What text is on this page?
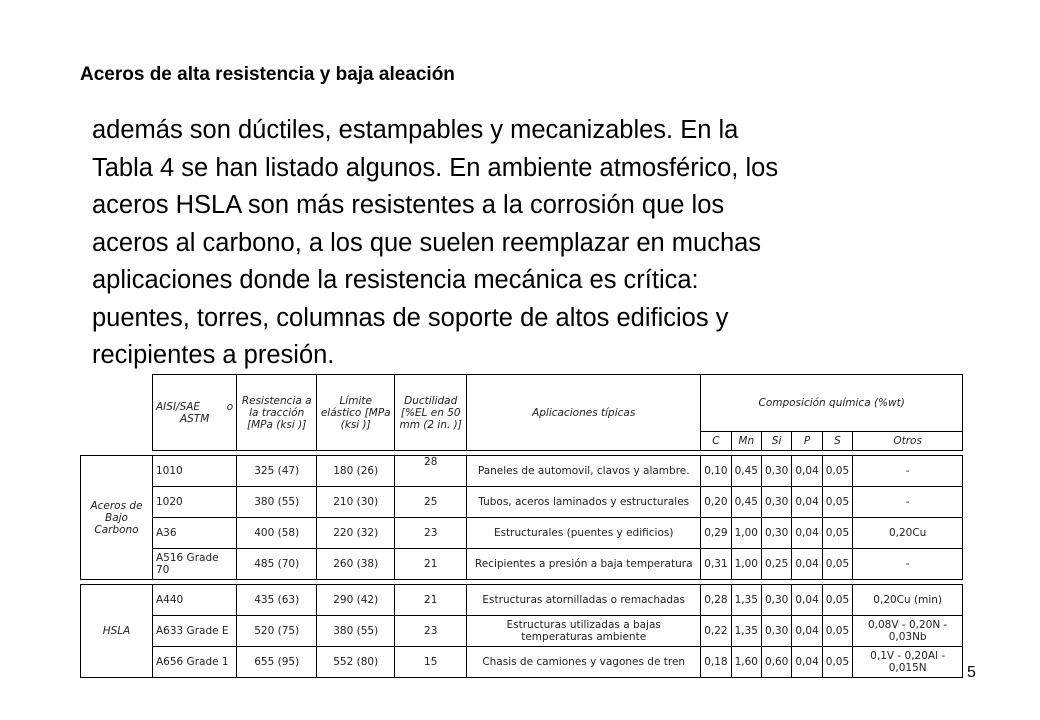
Aceros de alta resistencia y baja aleación
además son dúctiles, estampables y mecanizables. En la
Tabla 4 se han listado algunos. En ambiente atmosférico, los
aceros HSLA son más resistentes a la corrosión que los
aceros al carbono, a los que suelen reemplazar en muchas
aplicaciones donde la resistencia mecánica es crítica:
puentes, torres, columnas de soporte de altos edificios y
recipientes a presión.
	AISI/SAE o
ASTM	Resistencia a la tracción [MPa (ksi )]	Límite elástico [MPa (ksi )]	Ductilidad [%EL en 50 mm (2 in. )]	Aplicaciones típicas	Composición química (%wt)					
						C	Mn	Si	P	S	Otros

Aceros de Bajo Carbono	1010	325 (47)	180 (26)	28	Paneles de automovil, clavos y alambre.	0,10	0,45	0,30	0,04	0,05	-
	1020	380 (55)	210 (30)	25	Tubos, aceros laminados y estructurales	0,20	0,45	0,30	0,04	0,05	-
	A36	400 (58)	220 (32)	23	Estructurales (puentes y edificios)	0,29	1,00	0,30	0,04	0,05	0,20Cu
	A516 Grade 70	485 (70)	260 (38)	21	Recipientes a presión a baja temperatura	0,31	1,00	0,25	0,04	0,05	-

HSLA	A440	435 (63)	290 (42)	21	Estructuras atornilladas o remachadas	0,28	1,35	0,30	0,04	0,05	0,20Cu (min)
	A633 Grade E	520 (75)	380 (55)	23	Estructuras utilizadas a bajas temperaturas ambiente	0,22	1,35	0,30	0,04	0,05	0,08V - 0,20N - 0,03Nb
	A656 Grade 1	655 (95)	552 (80)	15	Chasis de camiones y vagones de tren	0,18	1,60	0,60	0,04	0,05	0,1V - 0,20Al - 0,015N	5
